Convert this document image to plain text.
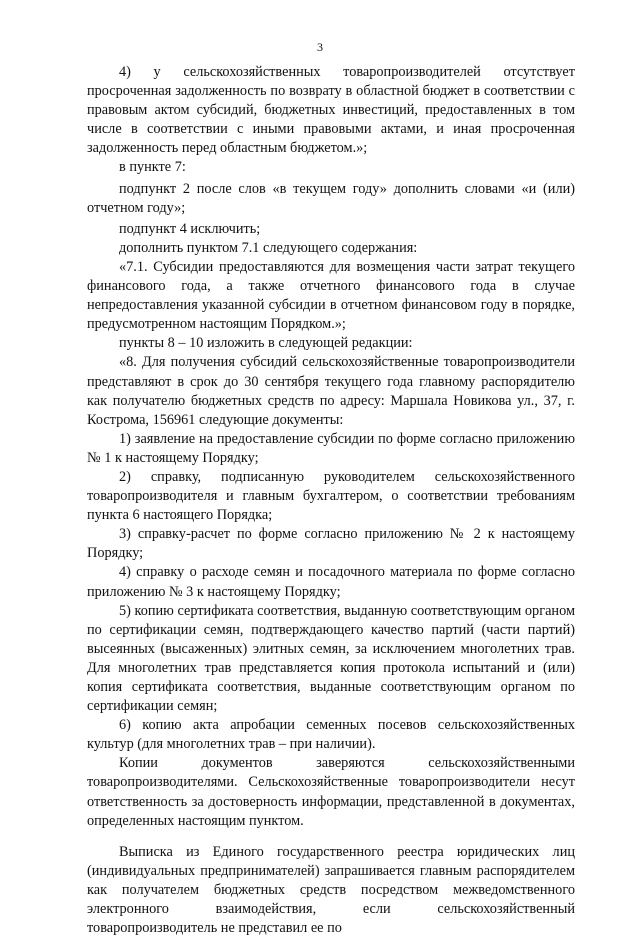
3

4) у сельскохозяйственных товаропроизводителей отсутствует просроченная задолженность по возврату в областной бюджет в соответствии с правовым актом субсидий, бюджетных инвестиций, предоставленных в том числе в соответствии с иными правовыми актами, и иная просроченная задолженность перед областным бюджетом.»;

в пункте 7:

подпункт 2 после слов «в текущем году» дополнить словами «и (или) отчетном году»;

подпункт 4 исключить;

дополнить пунктом 7.1 следующего содержания:

«7.1. Субсидии предоставляются для возмещения части затрат текущего финансового года, а также отчетного финансового года в случае непредоставления указанной субсидии в отчетном финансовом году в порядке, предусмотренном настоящим Порядком.»;

пункты 8 – 10 изложить в следующей редакции:

«8. Для получения субсидий сельскохозяйственные товаропроизводители представляют в срок до 30 сентября текущего года главному распорядителю как получателю бюджетных средств по адресу: Маршала Новикова ул., 37, г. Кострома, 156961 следующие документы:

1) заявление на предоставление субсидии по форме согласно приложению № 1 к настоящему Порядку;

2) справку, подписанную руководителем сельскохозяйственного товаропроизводителя и главным бухгалтером, о соответствии требованиям пункта 6 настоящего Порядка;

3) справку-расчет по форме согласно приложению № 2 к настоящему Порядку;

4) справку о расходе семян и посадочного материала по форме согласно приложению № 3 к настоящему Порядку;

5) копию сертификата соответствия, выданную соответствующим органом по сертификации семян, подтверждающего качество партий (части партий) высеянных (высаженных) элитных семян, за исключением многолетних трав. Для многолетних трав представляется копия протокола испытаний и (или) копия сертификата соответствия, выданные соответствующим органом по сертификации семян;

6) копию акта апробации семенных посевов сельскохозяйственных культур (для многолетних трав – при наличии).

Копии документов заверяются сельскохозяйственными товаропроизводителями. Сельскохозяйственные товаропроизводители несут ответственность за достоверность информации, представленной в документах, определенных настоящим пунктом.

Выписка из Единого государственного реестра юридических лиц (индивидуальных предпринимателей) запрашивается главным распорядителем как получателем бюджетных средств посредством межведомственного электронного взаимодействия, если сельскохозяйственный товаропроизводитель не представил ее по
